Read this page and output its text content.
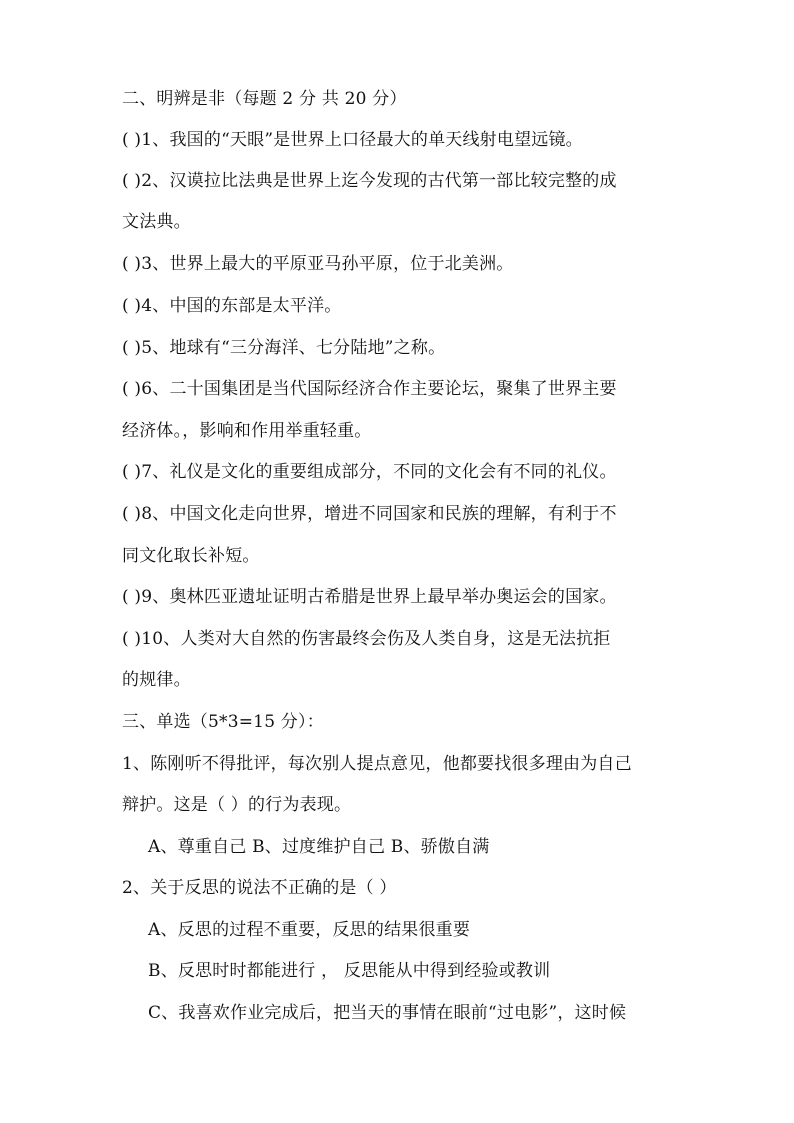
二、明辨是非（每题 2 分 共 20 分）
( )1、我国的“天眼”是世界上口径最大的单天线射电望远镜。
( )2、汉谟拉比法典是世界上迄今发现的古代第一部比较完整的成
文法典。
( )3、世界上最大的平原亚马孙平原，位于北美洲。
( )4、中国的东部是太平洋。
( )5、地球有“三分海洋、七分陆地”之称。
( )6、二十国集团是当代国际经济合作主要论坛，聚集了世界主要
经济体。，影响和作用举重轻重。
( )7、礼仪是文化的重要组成部分，不同的文化会有不同的礼仪。
( )8、中国文化走向世界，增进不同国家和民族的理解，有利于不
同文化取长补短。
( )9、奥林匹亚遗址证明古希腊是世界上最早举办奥运会的国家。
( )10、人类对大自然的伤害最终会伤及人类自身，这是无法抗拒
的规律。
三、单选（5*3=15 分）：
1、陈刚听不得批评，每次别人提点意见，他都要找很多理由为自己
辩护。这是（ ）的行为表现。
A、尊重自己 B、过度维护自己 B、骄傲自满
2、关于反思的说法不正确的是（ ）
A、反思的过程不重要，反思的结果很重要
B、反思时时都能进行 ， 反思能从中得到经验或教训
C、我喜欢作业完成后，把当天的事情在眼前“过电影”，这时候
